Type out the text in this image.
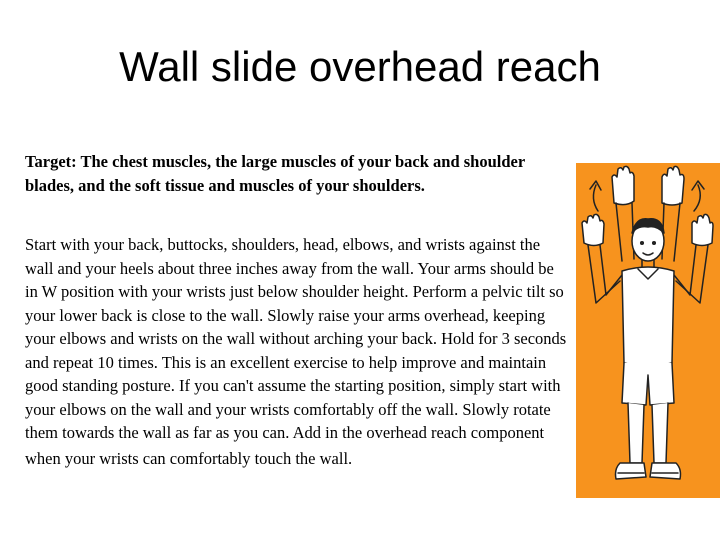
Wall slide overhead reach
Target: The chest muscles, the large muscles of your back and shoulder blades, and the soft tissue and muscles of your shoulders.
Start with your back, buttocks, shoulders, head, elbows, and wrists against the wall and your heels about three inches away from the wall. Your arms should be in W position with your wrists just below shoulder height. Perform a pelvic tilt so your lower back is close to the wall. Slowly raise your arms overhead, keeping your elbows and wrists on the wall without arching your back. Hold for 3 seconds and repeat 10 times. This is an excellent exercise to help improve and maintain good standing posture. If you can't assume the starting position, simply start with your elbows on the wall and your wrists comfortably off the wall. Slowly rotate them towards the wall as far as you can. Add in the overhead reach component
when your wrists can comfortably touch the wall.
